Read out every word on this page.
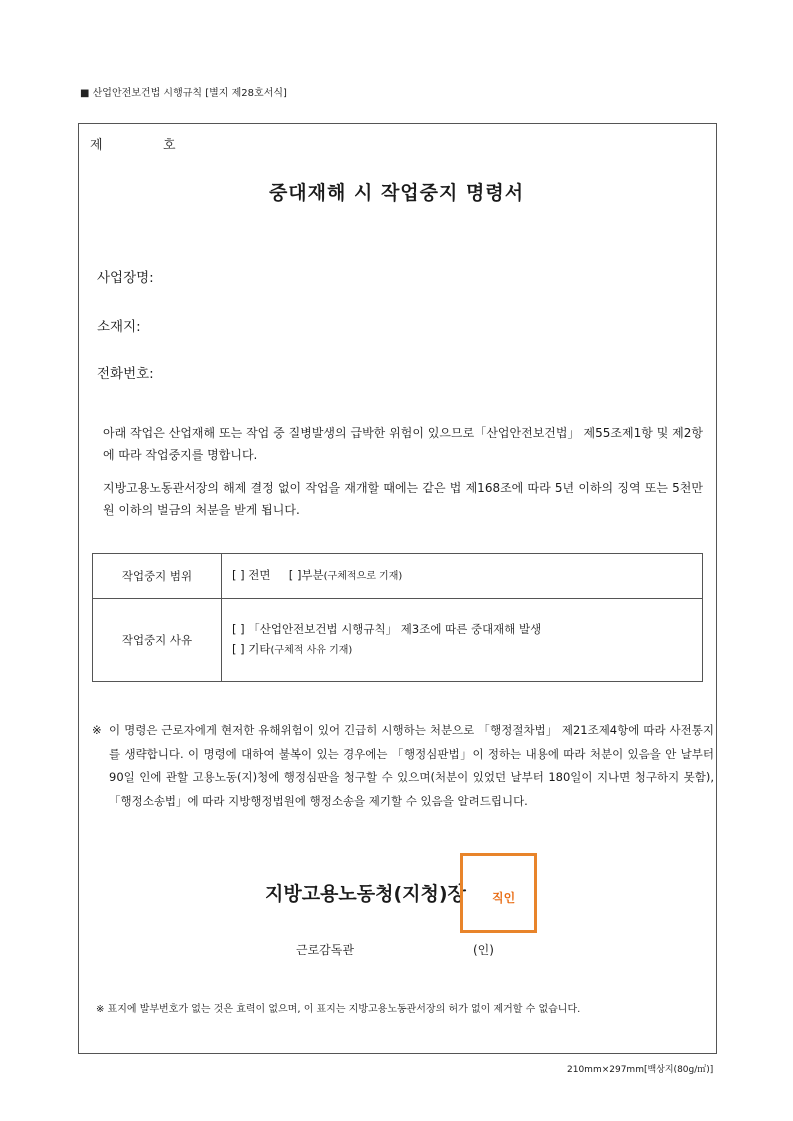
■ 산업안전보건법 시행규칙 [별지 제28호서식]
제	호
중대재해 시 작업중지 명령서
사업장명:
소재지:
전화번호:
아래 작업은 산업재해 또는 작업 중 질병발생의 급박한 위험이 있으므로「산업안전보건법」 제55조제1항 및 제2항에 따라 작업중지를 명합니다.
지방고용노동관서장의 해제 결정 없이 작업을 재개할 때에는 같은 법 제168조에 따라 5년 이하의 징역 또는 5천만원 이하의 벌금의 처분을 받게 됩니다.
작업중지 범위	[ ] 전면 [ ]부분(구체적으로 기재)
작업중지 사유	[ ] 「산업안전보건법 시행규칙」 제3조에 따른 중대재해 발생
[ ] 기타(구체적 사유 기재)
※ 이 명령은 근로자에게 현저한 유해위험이 있어 긴급히 시행하는 처분으로 「행정절차법」 제21조제4항에 따라 사전통지를 생략합니다. 이 명령에 대하여 불복이 있는 경우에는 「행정심판법」이 정하는 내용에 따라 처분이 있음을 안 날부터 90일 인에 관할 고용노동(지)청에 행정심판을 청구할 수 있으며(처분이 있었던 날부터 180일이 지나면 청구하지 못함), 「행정소송법」에 따라 지방행정법원에 행정소송을 제기할 수 있음을 알려드립니다.
지방고용노동청(지청)장 직인
근로감독관	(인)
※ 표지에 발부번호가 없는 것은 효력이 없으며, 이 표지는 지방고용노동관서장의 허가 없이 제거할 수 없습니다.
210mm×297mm[백상지(80g/㎡)]
